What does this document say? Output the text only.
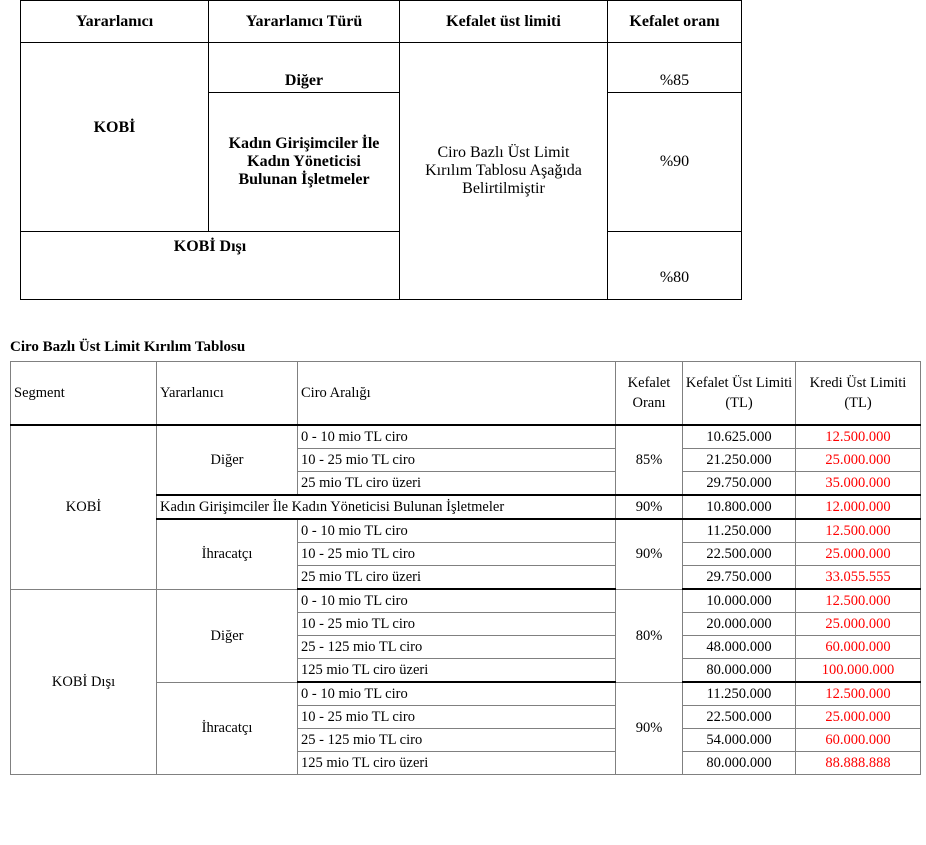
Yararlanıcı	Yararlanıcı Türü	Kefalet üst limiti	Kefalet oranı
KOBİ	Diğer	Ciro Bazlı Üst Limit Kırılım Tablosu Aşağıda Belirtilmiştir	%85
	Kadın Girişimciler İle Kadın Yöneticisi Bulunan İşletmeler		%90
KOBİ Dışı			%80

Ciro Bazlı Üst Limit Kırılım Tablosu

Segment	Yararlanıcı	Ciro Aralığı	Kefalet Oranı	Kefalet Üst Limiti (TL)	Kredi Üst Limiti (TL)
KOBİ	Diğer	0 - 10 mio TL ciro	85%	10.625.000	12.500.000
		10 - 25 mio TL ciro		21.250.000	25.000.000
		25 mio TL ciro üzeri		29.750.000	35.000.000
	Kadın Girişimciler İle Kadın Yöneticisi Bulunan İşletmeler		90%	10.800.000	12.000.000
	İhracatçı	0 - 10 mio TL ciro	90%	11.250.000	12.500.000
		10 - 25 mio TL ciro		22.500.000	25.000.000
		25 mio TL ciro üzeri		29.750.000	33.055.555
KOBİ Dışı	Diğer	0 - 10 mio TL ciro	80%	10.000.000	12.500.000
		10 - 25 mio TL ciro		20.000.000	25.000.000
		25 - 125 mio TL ciro		48.000.000	60.000.000
		125 mio TL ciro üzeri		80.000.000	100.000.000
	İhracatçı	0 - 10 mio TL ciro	90%	11.250.000	12.500.000
		10 - 25 mio TL ciro		22.500.000	25.000.000
		25 - 125 mio TL ciro		54.000.000	60.000.000
		125 mio TL ciro üzeri		80.000.000	88.888.888
